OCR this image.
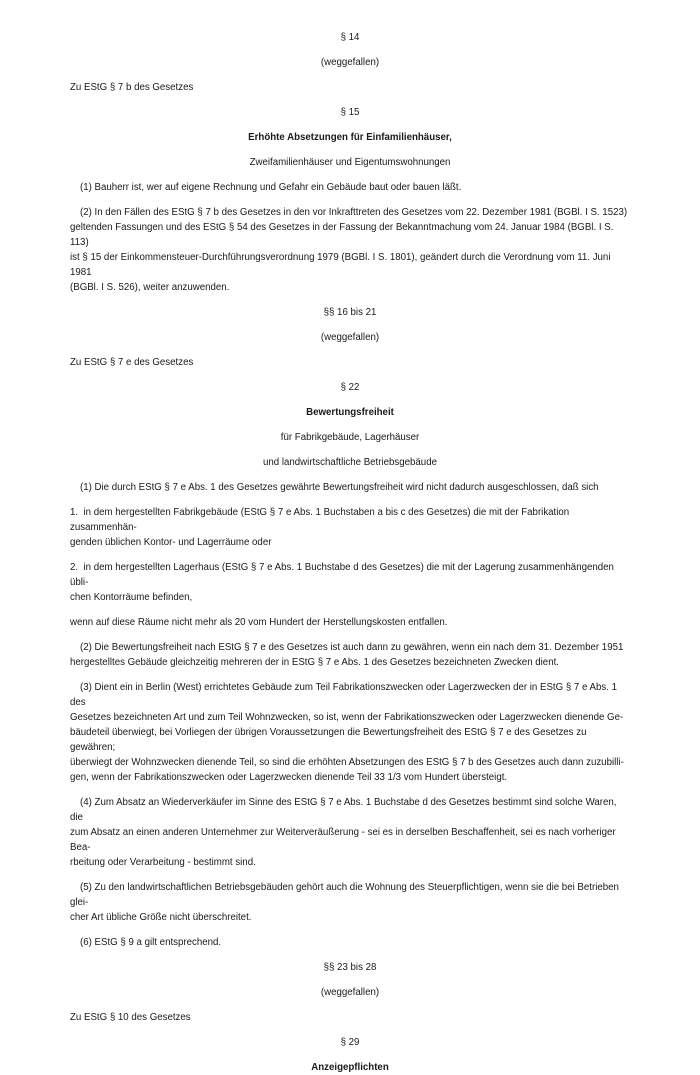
§ 14
(weggefallen)
Zu EStG § 7 b des Gesetzes
§ 15
Erhöhte Absetzungen für Einfamilienhäuser,
Zweifamilienhäuser und Eigentumswohnungen
(1) Bauherr ist, wer auf eigene Rechnung und Gefahr ein Gebäude baut oder bauen läßt.
(2) In den Fällen des EStG § 7 b des Gesetzes in den vor Inkrafttreten des Gesetzes vom 22. Dezember 1981 (BGBl. I S. 1523)
geltenden Fassungen und des EStG § 54 des Gesetzes in der Fassung der Bekanntmachung vom 24. Januar 1984 (BGBl. I S. 113)
ist § 15 der Einkommensteuer-Durchführungsverordnung 1979 (BGBl. I S. 1801), geändert durch die Verordnung vom 11. Juni 1981
(BGBl. I S. 526), weiter anzuwenden.
§§ 16 bis 21
(weggefallen)
Zu EStG § 7 e des Gesetzes
§ 22
Bewertungsfreiheit
für Fabrikgebäude, Lagerhäuser
und landwirtschaftliche Betriebsgebäude
(1) Die durch EStG § 7 e Abs. 1 des Gesetzes gewährte Bewertungsfreiheit wird nicht dadurch ausgeschlossen, daß sich
1.  in dem hergestellten Fabrikgebäude (EStG § 7 e Abs. 1 Buchstaben a bis c des Gesetzes) die mit der Fabrikation zusammenhän-
genden üblichen Kontor- und Lagerräume oder
2.  in dem hergestellten Lagerhaus (EStG § 7 e Abs. 1 Buchstabe d des Gesetzes) die mit der Lagerung zusammenhängenden übli-
chen Kontorräume befinden,
wenn auf diese Räume nicht mehr als 20 vom Hundert der Herstellungskosten entfallen.
(2) Die Bewertungsfreiheit nach EStG § 7 e des Gesetzes ist auch dann zu gewähren, wenn ein nach dem 31. Dezember 1951
hergestelltes Gebäude gleichzeitig mehreren der in EStG § 7 e Abs. 1 des Gesetzes bezeichneten Zwecken dient.
(3) Dient ein in Berlin (West) errichtetes Gebäude zum Teil Fabrikationszwecken oder Lagerzwecken der in EStG § 7 e Abs. 1 des
Gesetzes bezeichneten Art und zum Teil Wohnzwecken, so ist, wenn der Fabrikationszwecken oder Lagerzwecken dienende Ge-
bäudeteil überwiegt, bei Vorliegen der übrigen Voraussetzungen die Bewertungsfreiheit des EStG § 7 e des Gesetzes zu gewähren;
überwiegt der Wohnzwecken dienende Teil, so sind die erhöhten Absetzungen des EStG § 7 b des Gesetzes auch dann zuzubilli-
gen, wenn der Fabrikationszwecken oder Lagerzwecken dienende Teil 33 1/3 vom Hundert übersteigt.
(4) Zum Absatz an Wiederverkäufer im Sinne des EStG § 7 e Abs. 1 Buchstabe d des Gesetzes bestimmt sind solche Waren, die
zum Absatz an einen anderen Unternehmer zur Weiterveräußerung - sei es in derselben Beschaffenheit, sei es nach vorheriger Bea-
rbeitung oder Verarbeitung - bestimmt sind.
(5) Zu den landwirtschaftlichen Betriebsgebäuden gehört auch die Wohnung des Steuerpflichtigen, wenn sie die bei Betrieben glei-
cher Art übliche Größe nicht überschreitet.
(6) EStG § 9 a gilt entsprechend.
§§ 23 bis 28
(weggefallen)
Zu EStG § 10 des Gesetzes
§ 29
Anzeigepflichten
